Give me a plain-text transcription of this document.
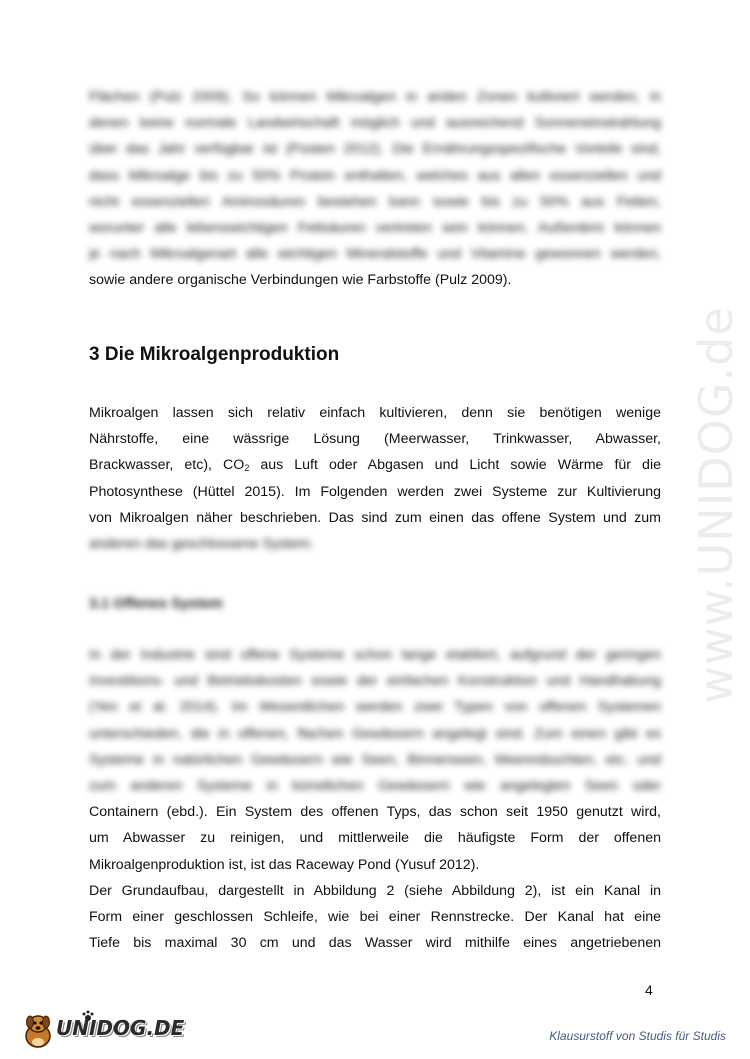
www.UNIDOG.de
Flächen (Pulz 2009). So können Mikroalgen in ariden Zonen kultiviert werden, in
denen keine normale Landwirtschaft möglich und ausreichend Sonneneinstrahlung
über das Jahr verfügbar ist (Posten 2012). Die Ernährungsspezifische Vorteile sind,
dass Mikroalge bis zu 50% Protein enthalten, welches aus allen essenziellen und
nicht essenziellen Aminosäuren bestehen kann sowie bis zu 50% aus Fetten,
worunter alle lebenswichtigen Fettsäuren vertreten sein können. Außerdem können
je nach Mikroalgenart alle wichtigen Mineralstoffe und Vitamine gewonnen werden,
sowie andere organische Verbindungen wie Farbstoffe (Pulz 2009).
3 Die Mikroalgenproduktion
Mikroalgen lassen sich relativ einfach kultivieren, denn sie benötigen wenige
Nährstoffe, eine wässrige Lösung (Meerwasser, Trinkwasser, Abwasser,
Brackwasser, etc), $CO_2$ aus Luft oder Abgasen und Licht sowie Wärme für die
Photosynthese (Hüttel 2015). Im Folgenden werden zwei Systeme zur Kultivierung
von Mikroalgen näher beschrieben. Das sind zum einen das offene System und zum
anderen das geschlossene System.
3.1 Offenes System
In der Industrie sind offene Systeme schon lange etabliert, aufgrund der geringen
Investitions- und Betriebskosten sowie der einfachen Konstruktion und Handhabung
(Yen et al. 2014). Im Wesentlichen werden zwei Typen von offenen Systemen
unterschieden, die in offenen, flachen Gewässern angelegt sind. Zum einen gibt es
Systeme in natürlichen Gewässern wie Seen, Binnenseen, Meeresbuchten, etc. und
zum anderen Systeme in künstlichen Gewässern wie angelegten Seen oder
Containern (ebd.). Ein System des offenen Typs, das schon seit 1950 genutzt wird,
um Abwasser zu reinigen, und mittlerweile die häufigste Form der offenen
Mikroalgenproduktion ist, ist das Raceway Pond (Yusuf 2012).
Der Grundaufbau, dargestellt in Abbildung 2 (siehe Abbildung 2), ist ein Kanal in
Form einer geschlossen Schleife, wie bei einer Rennstrecke. Der Kanal hat eine
Tiefe bis maximal 30 cm und das Wasser wird mithilfe eines angetriebenen
4
UNIDOG.DE	Klausurstoff von Studis für Studis
